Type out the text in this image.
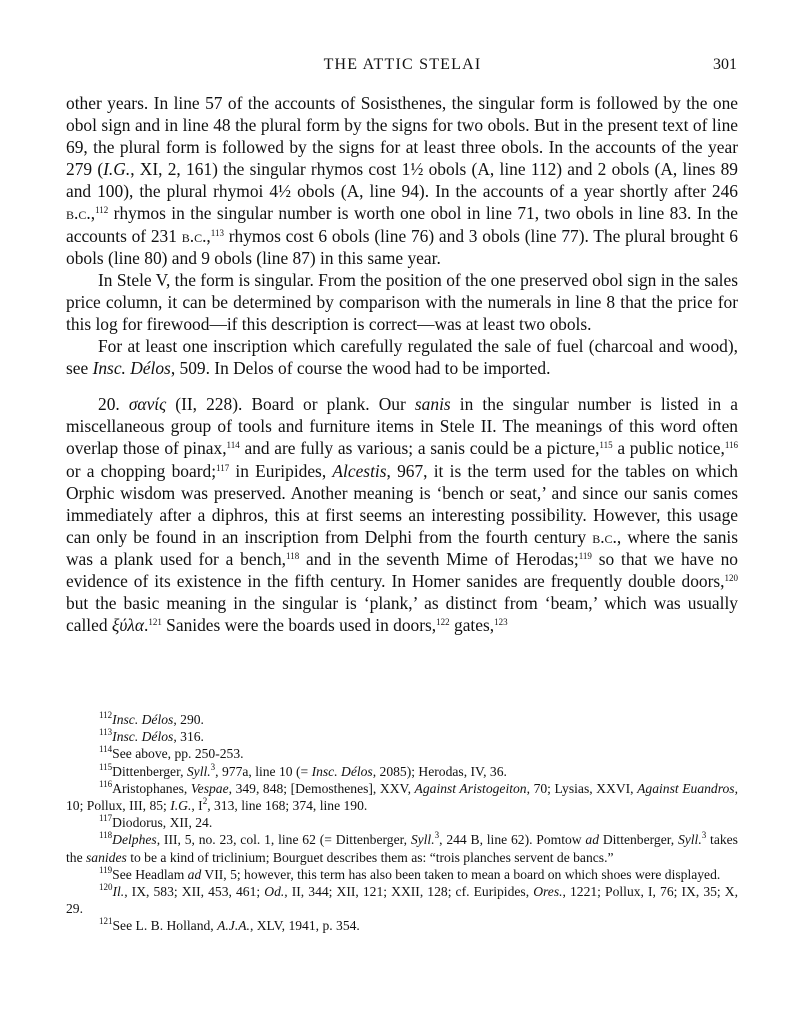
THE ATTIC STELAI	301

other years. In line 57 of the accounts of Sosisthenes, the singular form is followed by the one obol sign and in line 48 the plural form by the signs for two obols. But in the present text of line 69, the plural form is followed by the signs for at least three obols. In the accounts of the year 279 (I.G., XI, 2, 161) the singular rhymos cost 1½ obols (A, line 112) and 2 obols (A, lines 89 and 100), the plural rhymoi 4½ obols (A, line 94). In the accounts of a year shortly after 246 b.c.,$^{112}$ rhymos in the singular number is worth one obol in line 71, two obols in line 83. In the accounts of 231 b.c.,$^{113}$ rhymos cost 6 obols (line 76) and 3 obols (line 77). The plural brought 6 obols (line 80) and 9 obols (line 87) in this same year.

In Stele V, the form is singular. From the position of the one preserved obol sign in the sales price column, it can be determined by comparison with the numerals in line 8 that the price for this log for firewood—if this description is correct—was at least two obols.

For at least one inscription which carefully regulated the sale of fuel (charcoal and wood), see Insc. Délos, 509. In Delos of course the wood had to be imported.

20. σανίς (II, 228). Board or plank. Our sanis in the singular number is listed in a miscellaneous group of tools and furniture items in Stele II. The meanings of this word often overlap those of pinax,$^{114}$ and are fully as various; a sanis could be a picture,$^{115}$ a public notice,$^{116}$ or a chopping board;$^{117}$ in Euripides, Alcestis, 967, it is the term used for the tables on which Orphic wisdom was preserved. Another meaning is ‘bench or seat,’ and since our sanis comes immediately after a diphros, this at first seems an interesting possibility. However, this usage can only be found in an inscription from Delphi from the fourth century b.c., where the sanis was a plank used for a bench,$^{118}$ and in the seventh Mime of Herodas;$^{119}$ so that we have no evidence of its existence in the fifth century. In Homer sanides are frequently double doors,$^{120}$ but the basic meaning in the singular is ‘plank,’ as distinct from ‘beam,’ which was usually called ξύλα.$^{121}$ Sanides were the boards used in doors,$^{122}$ gates,$^{123}$

$^{112}$Insc. Délos, 290.

$^{113}$Insc. Délos, 316.

$^{114}$See above, pp. 250-253.

$^{115}$Dittenberger, Syll.$^3$, 977a, line 10 (= Insc. Délos, 2085); Herodas, IV, 36.

$^{116}$Aristophanes, Vespae, 349, 848; [Demosthenes], XXV, Against Aristogeiton, 70; Lysias, XXVI, Against Euandros, 10; Pollux, III, 85; I.G., $I^2$, 313, line 168; 374, line 190.

$^{117}$Diodorus, XII, 24.

$^{118}$Delphes, III, 5, no. 23, col. 1, line 62 (= Dittenberger, Syll.$^3$, 244 B, line 62). Pomtow ad Dittenberger, Syll.$^3$ takes the sanides to be a kind of triclinium; Bourguet describes them as: “trois planches servent de bancs.”

$^{119}$See Headlam ad VII, 5; however, this term has also been taken to mean a board on which shoes were displayed.

$^{120}$Il., IX, 583; XII, 453, 461; Od., II, 344; XII, 121; XXII, 128; cf. Euripides, Ores., 1221; Pollux, I, 76; IX, 35; X, 29.

$^{121}$See L. B. Holland, A.J.A., XLV, 1941, p. 354.
